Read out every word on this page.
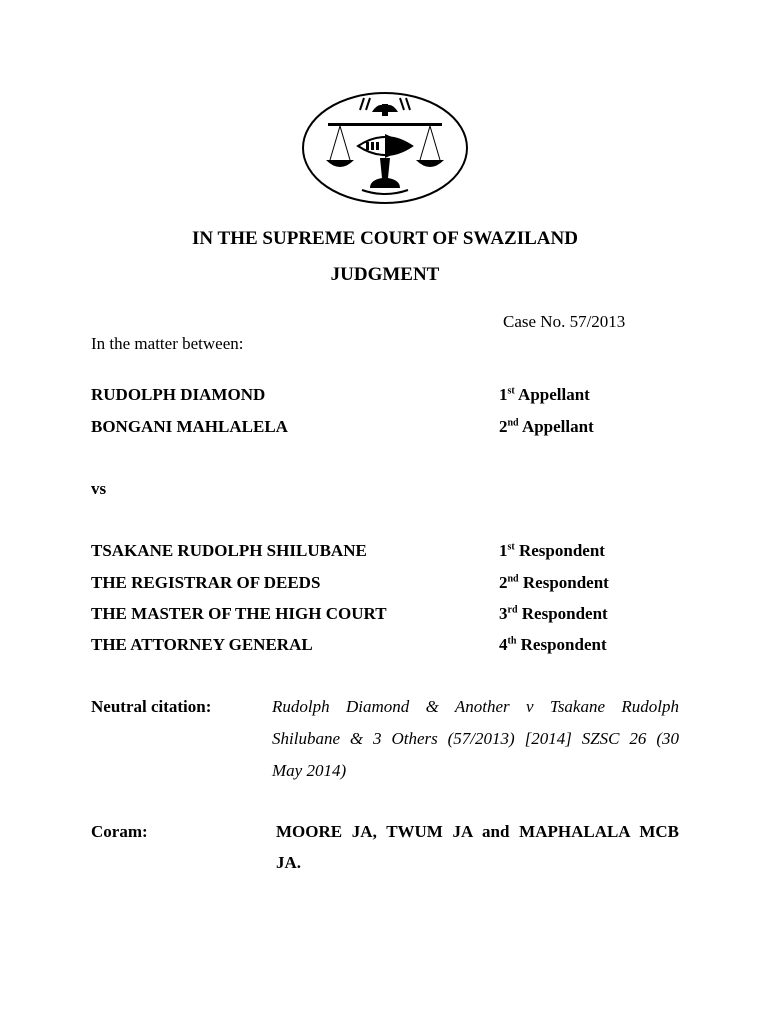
IN THE SUPREME COURT OF SWAZILAND
JUDGMENT
Case No. 57/2013
In the matter between:
RUDOLPH DIAMOND	1st Appellant
BONGANI MAHLALELA	2nd Appellant
vs
TSAKANE RUDOLPH SHILUBANE	1st Respondent
THE REGISTRAR OF DEEDS	2nd Respondent
THE MASTER OF THE HIGH COURT	3rd Respondent
THE ATTORNEY GENERAL	4th Respondent
Neutral citation:	Rudolph Diamond & Another v Tsakane Rudolph
Shilubane & 3 Others (57/2013) [2014] SZSC 26 (30
May 2014)
Coram:	MOORE JA, TWUM JA and MAPHALALA MCB
JA.
